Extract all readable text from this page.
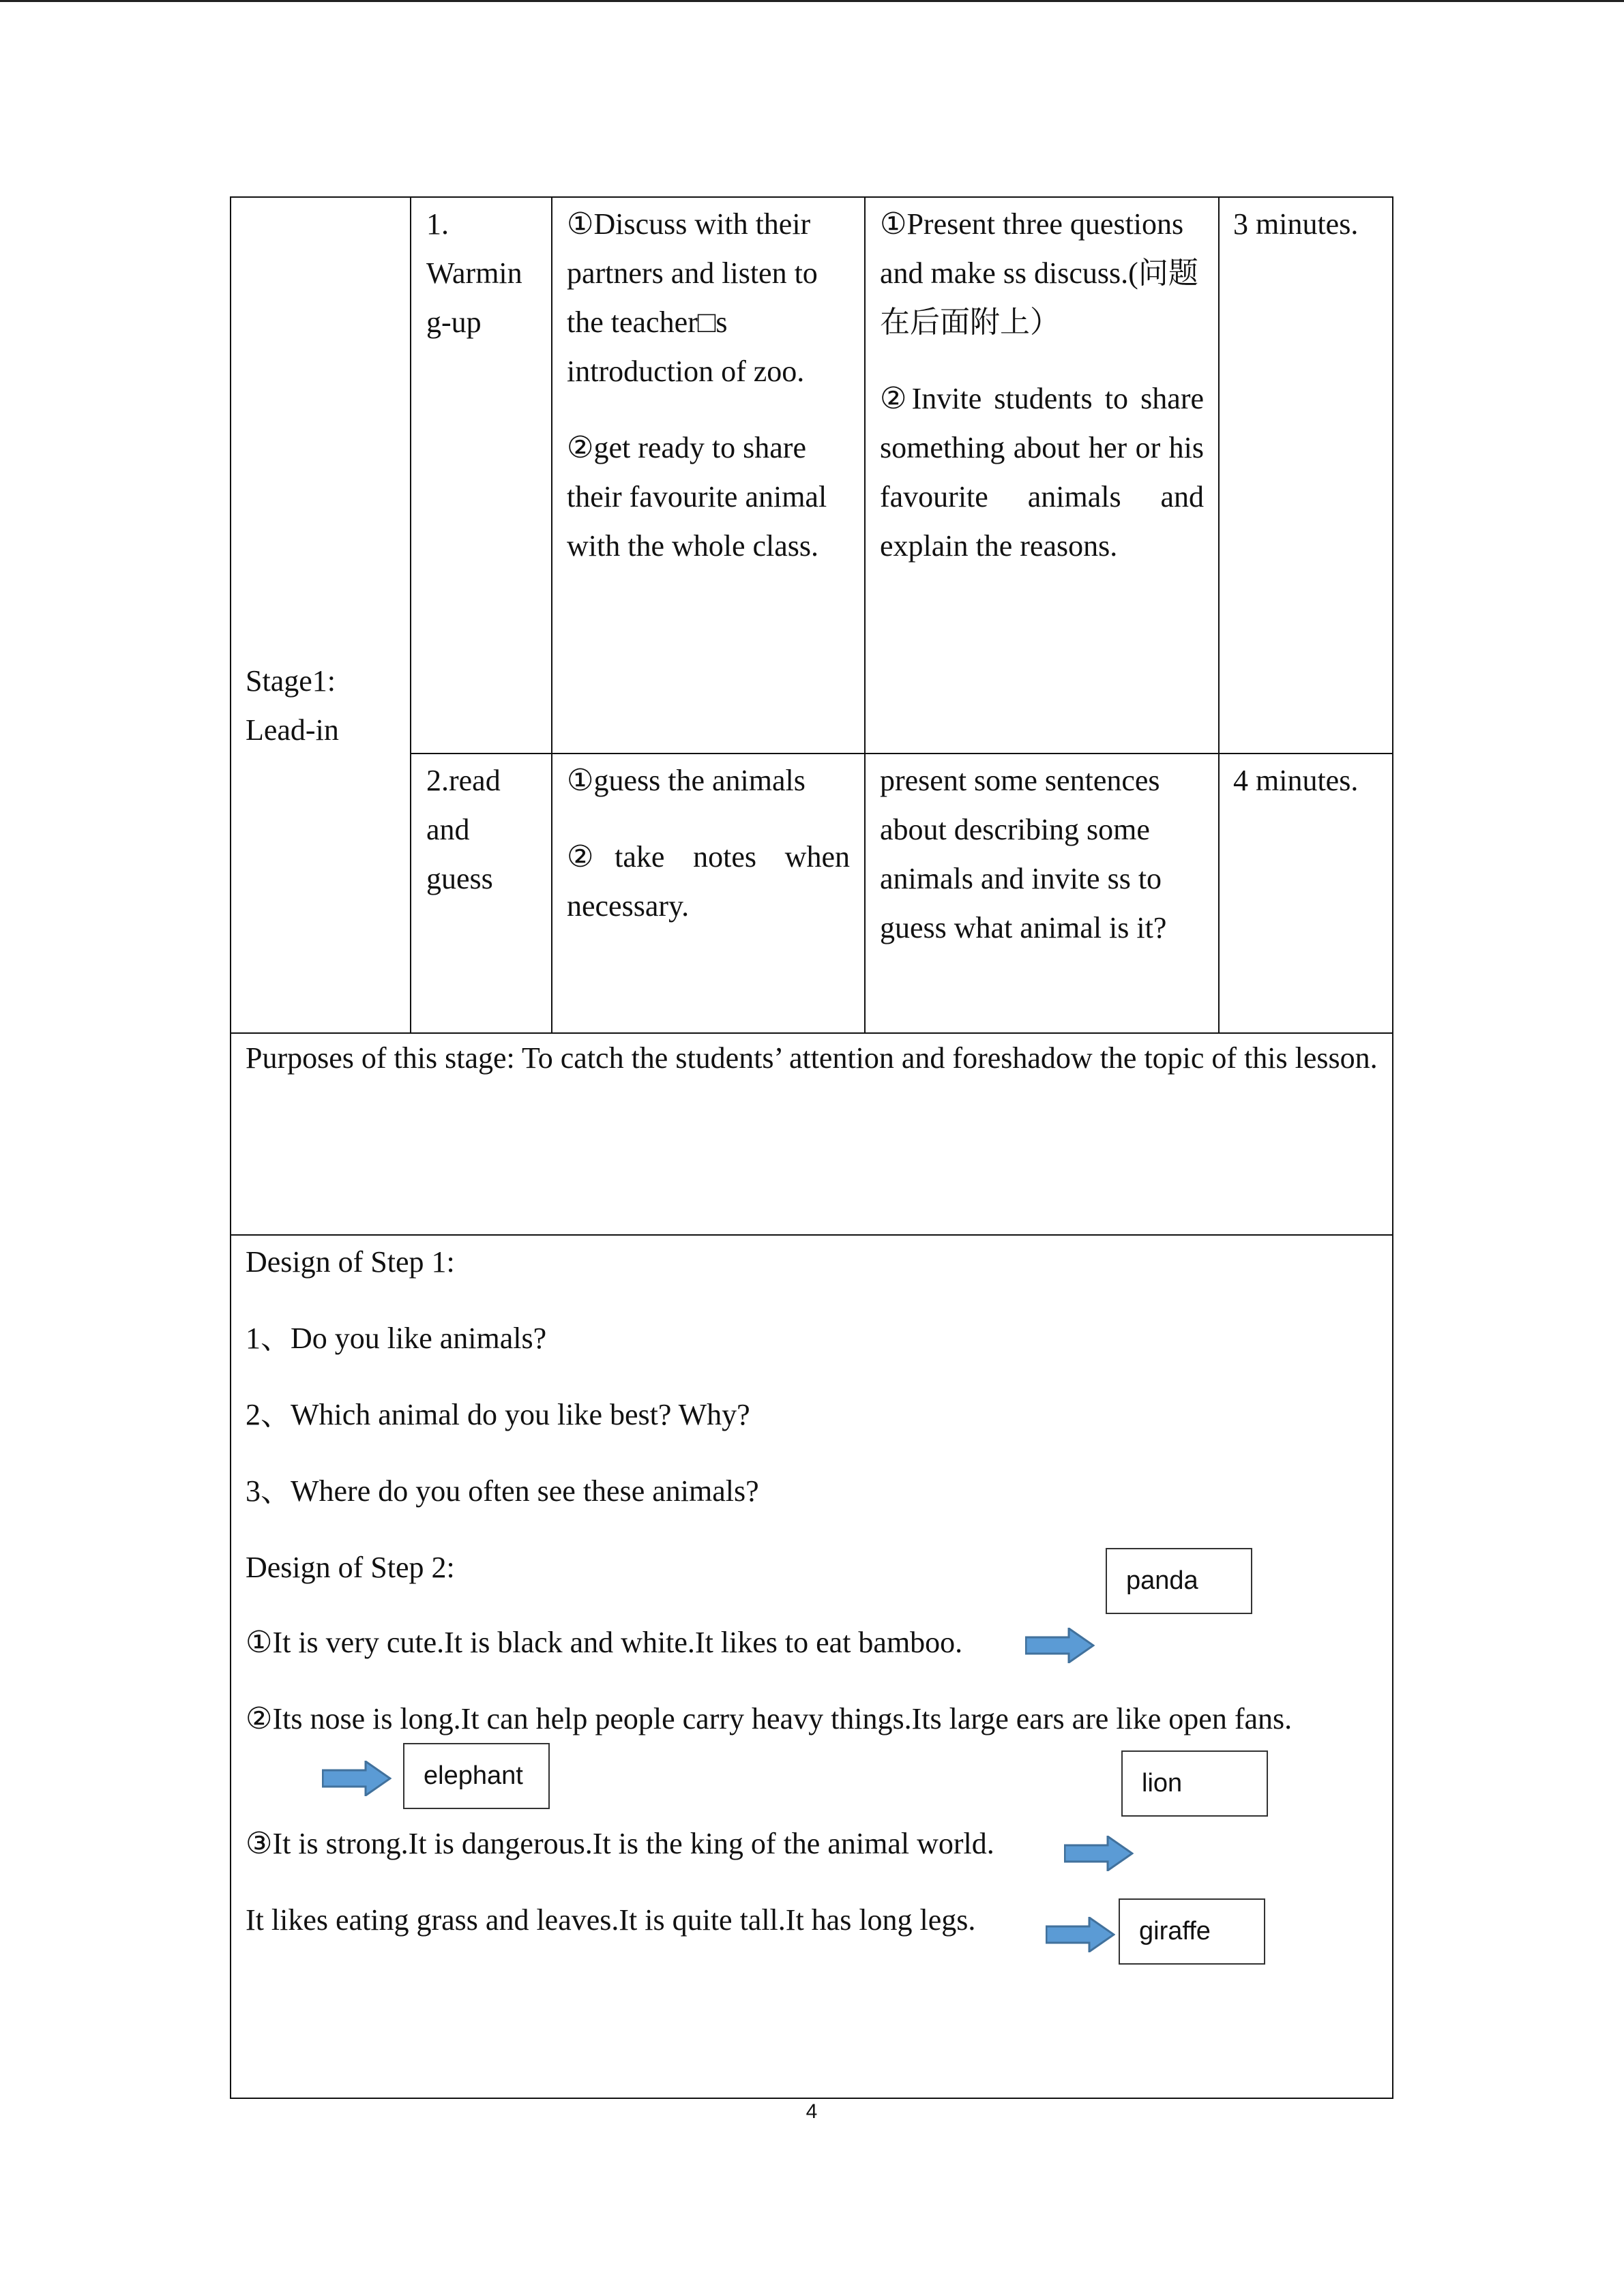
Stage1:
Lead-in
1.
Warmin
g-up

①Discuss with their partners and listen to the teacher□s introduction of zoo.

②get ready to share their favourite animal with the whole class.

①Present three questions and make ss discuss.(问题在后面附上）

②Invite students to share something about her or his favourite animals and explain the reasons.

3 minutes.
2.read
and
guess

①guess the animals

②take notes when necessary.

present some sentences about describing some animals and invite ss to guess what animal is it?

4 minutes.
Purposes of this stage: To catch the students’ attention and foreshadow the topic of this lesson.
Design of Step 1:
1、Do you like animals?
2、Which animal do you like best? Why?
3、Where do you often see these animals?
Design of Step 2:
①It is very cute.It is black and white.It likes to eat bamboo.
panda
②Its nose is long.It can help people carry heavy things.Its large ears are like open fans.
elephant	lion
③It is strong.It is dangerous.It is the king of the animal world.
It likes eating grass and leaves.It is quite tall.It has long legs.	giraffe
4
